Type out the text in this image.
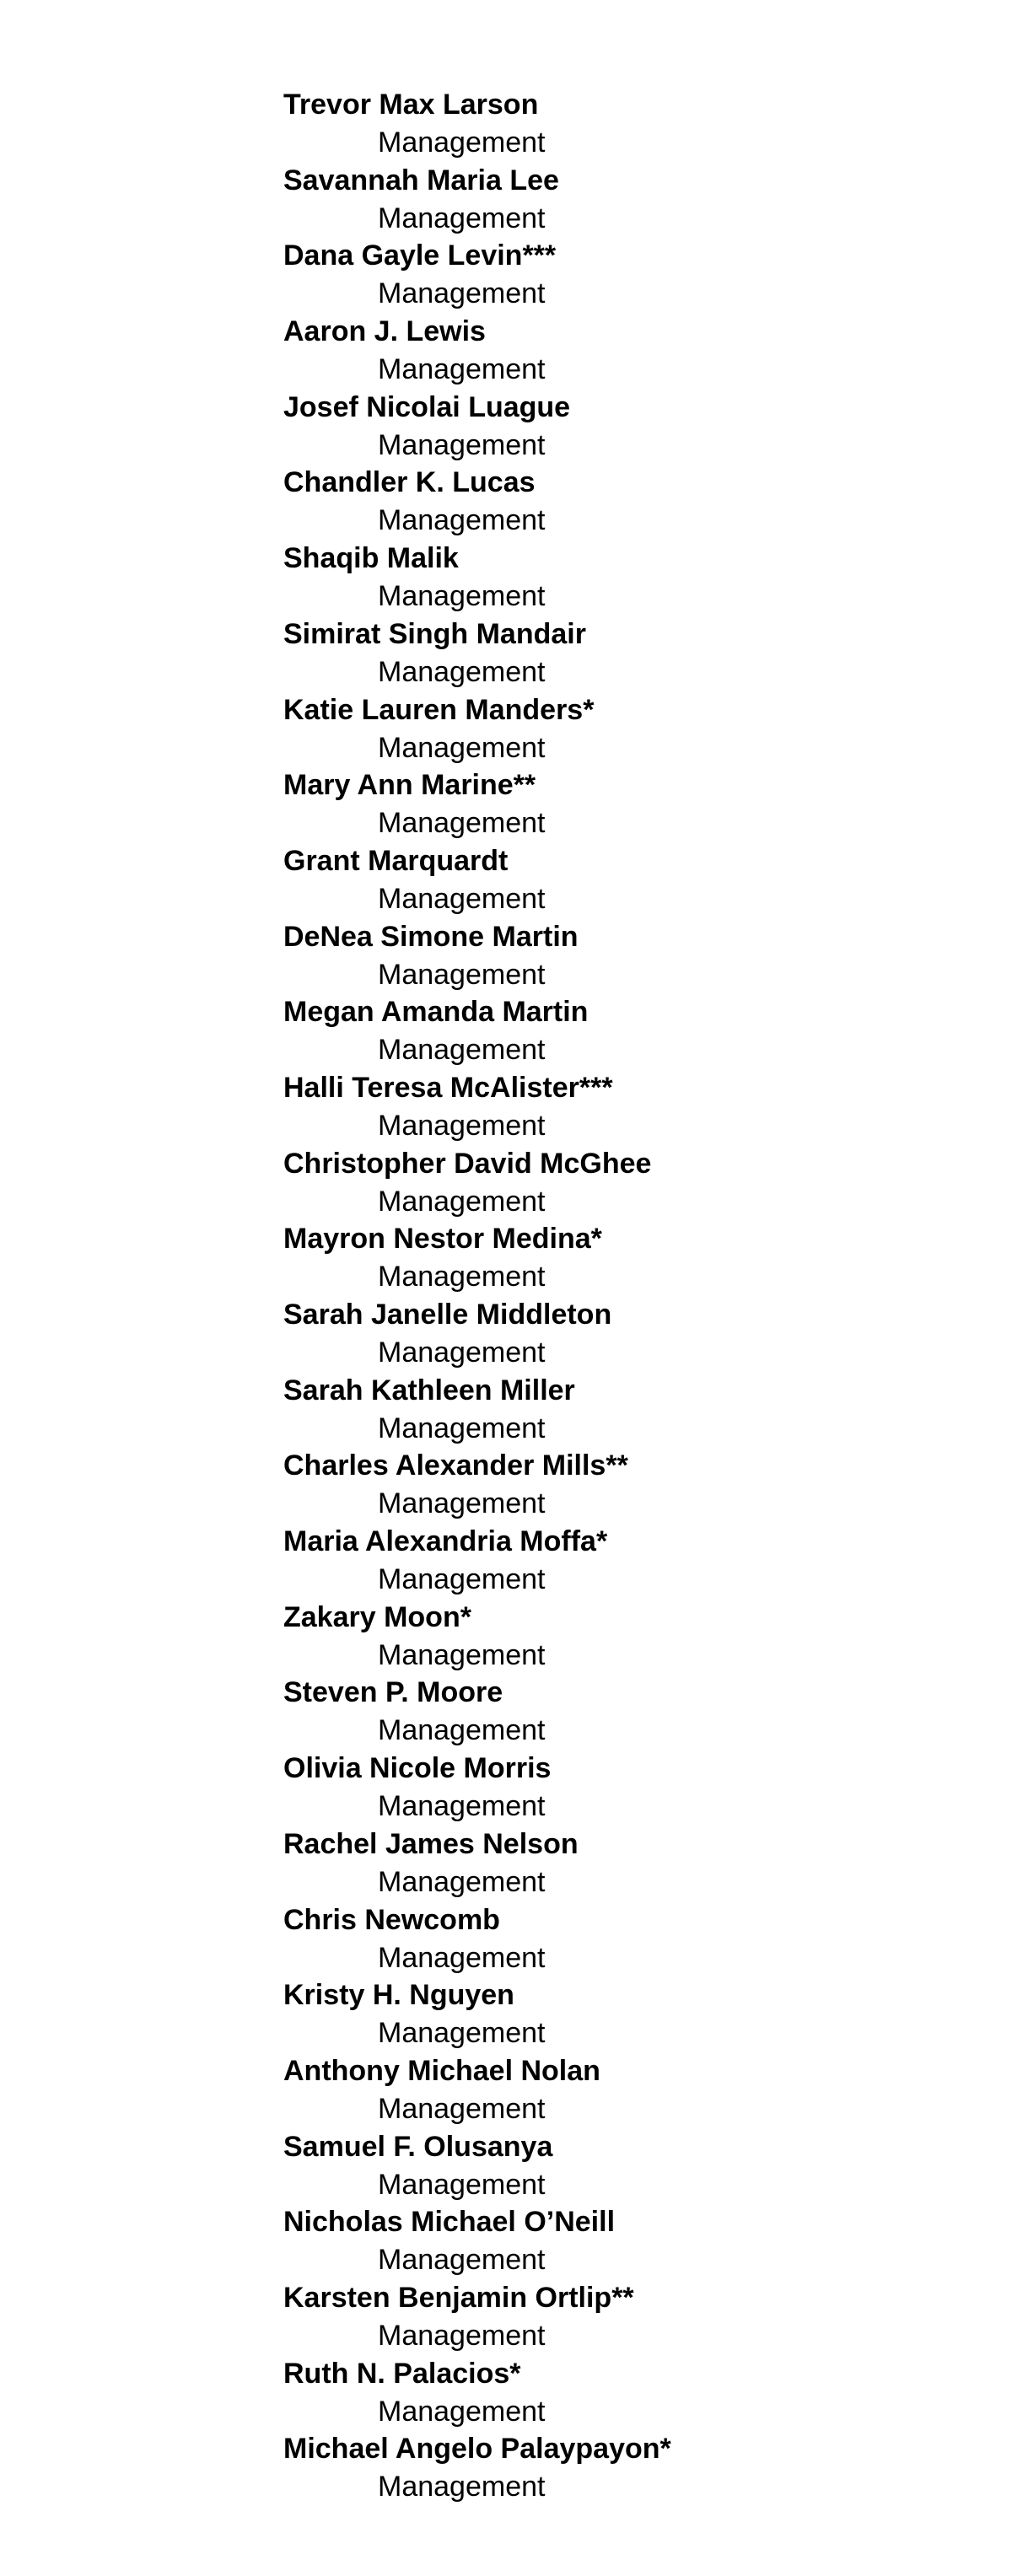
Trevor Max Larson
Management
Savannah Maria Lee
Management
Dana Gayle Levin***
Management
Aaron J. Lewis
Management
Josef Nicolai Luague
Management
Chandler K. Lucas
Management
Shaqib Malik
Management
Simirat Singh Mandair
Management
Katie Lauren Manders*
Management
Mary Ann Marine**
Management
Grant Marquardt
Management
DeNea Simone Martin
Management
Megan Amanda Martin
Management
Halli Teresa McAlister***
Management
Christopher David McGhee
Management
Mayron Nestor Medina*
Management
Sarah Janelle Middleton
Management
Sarah Kathleen Miller
Management
Charles Alexander Mills**
Management
Maria Alexandria Moffa*
Management
Zakary Moon*
Management
Steven P. Moore
Management
Olivia Nicole Morris
Management
Rachel James Nelson
Management
Chris Newcomb
Management
Kristy H. Nguyen
Management
Anthony Michael Nolan
Management
Samuel F. Olusanya
Management
Nicholas Michael O’Neill
Management
Karsten Benjamin Ortlip**
Management
Ruth N. Palacios*
Management
Michael Angelo Palaypayon*
Management
